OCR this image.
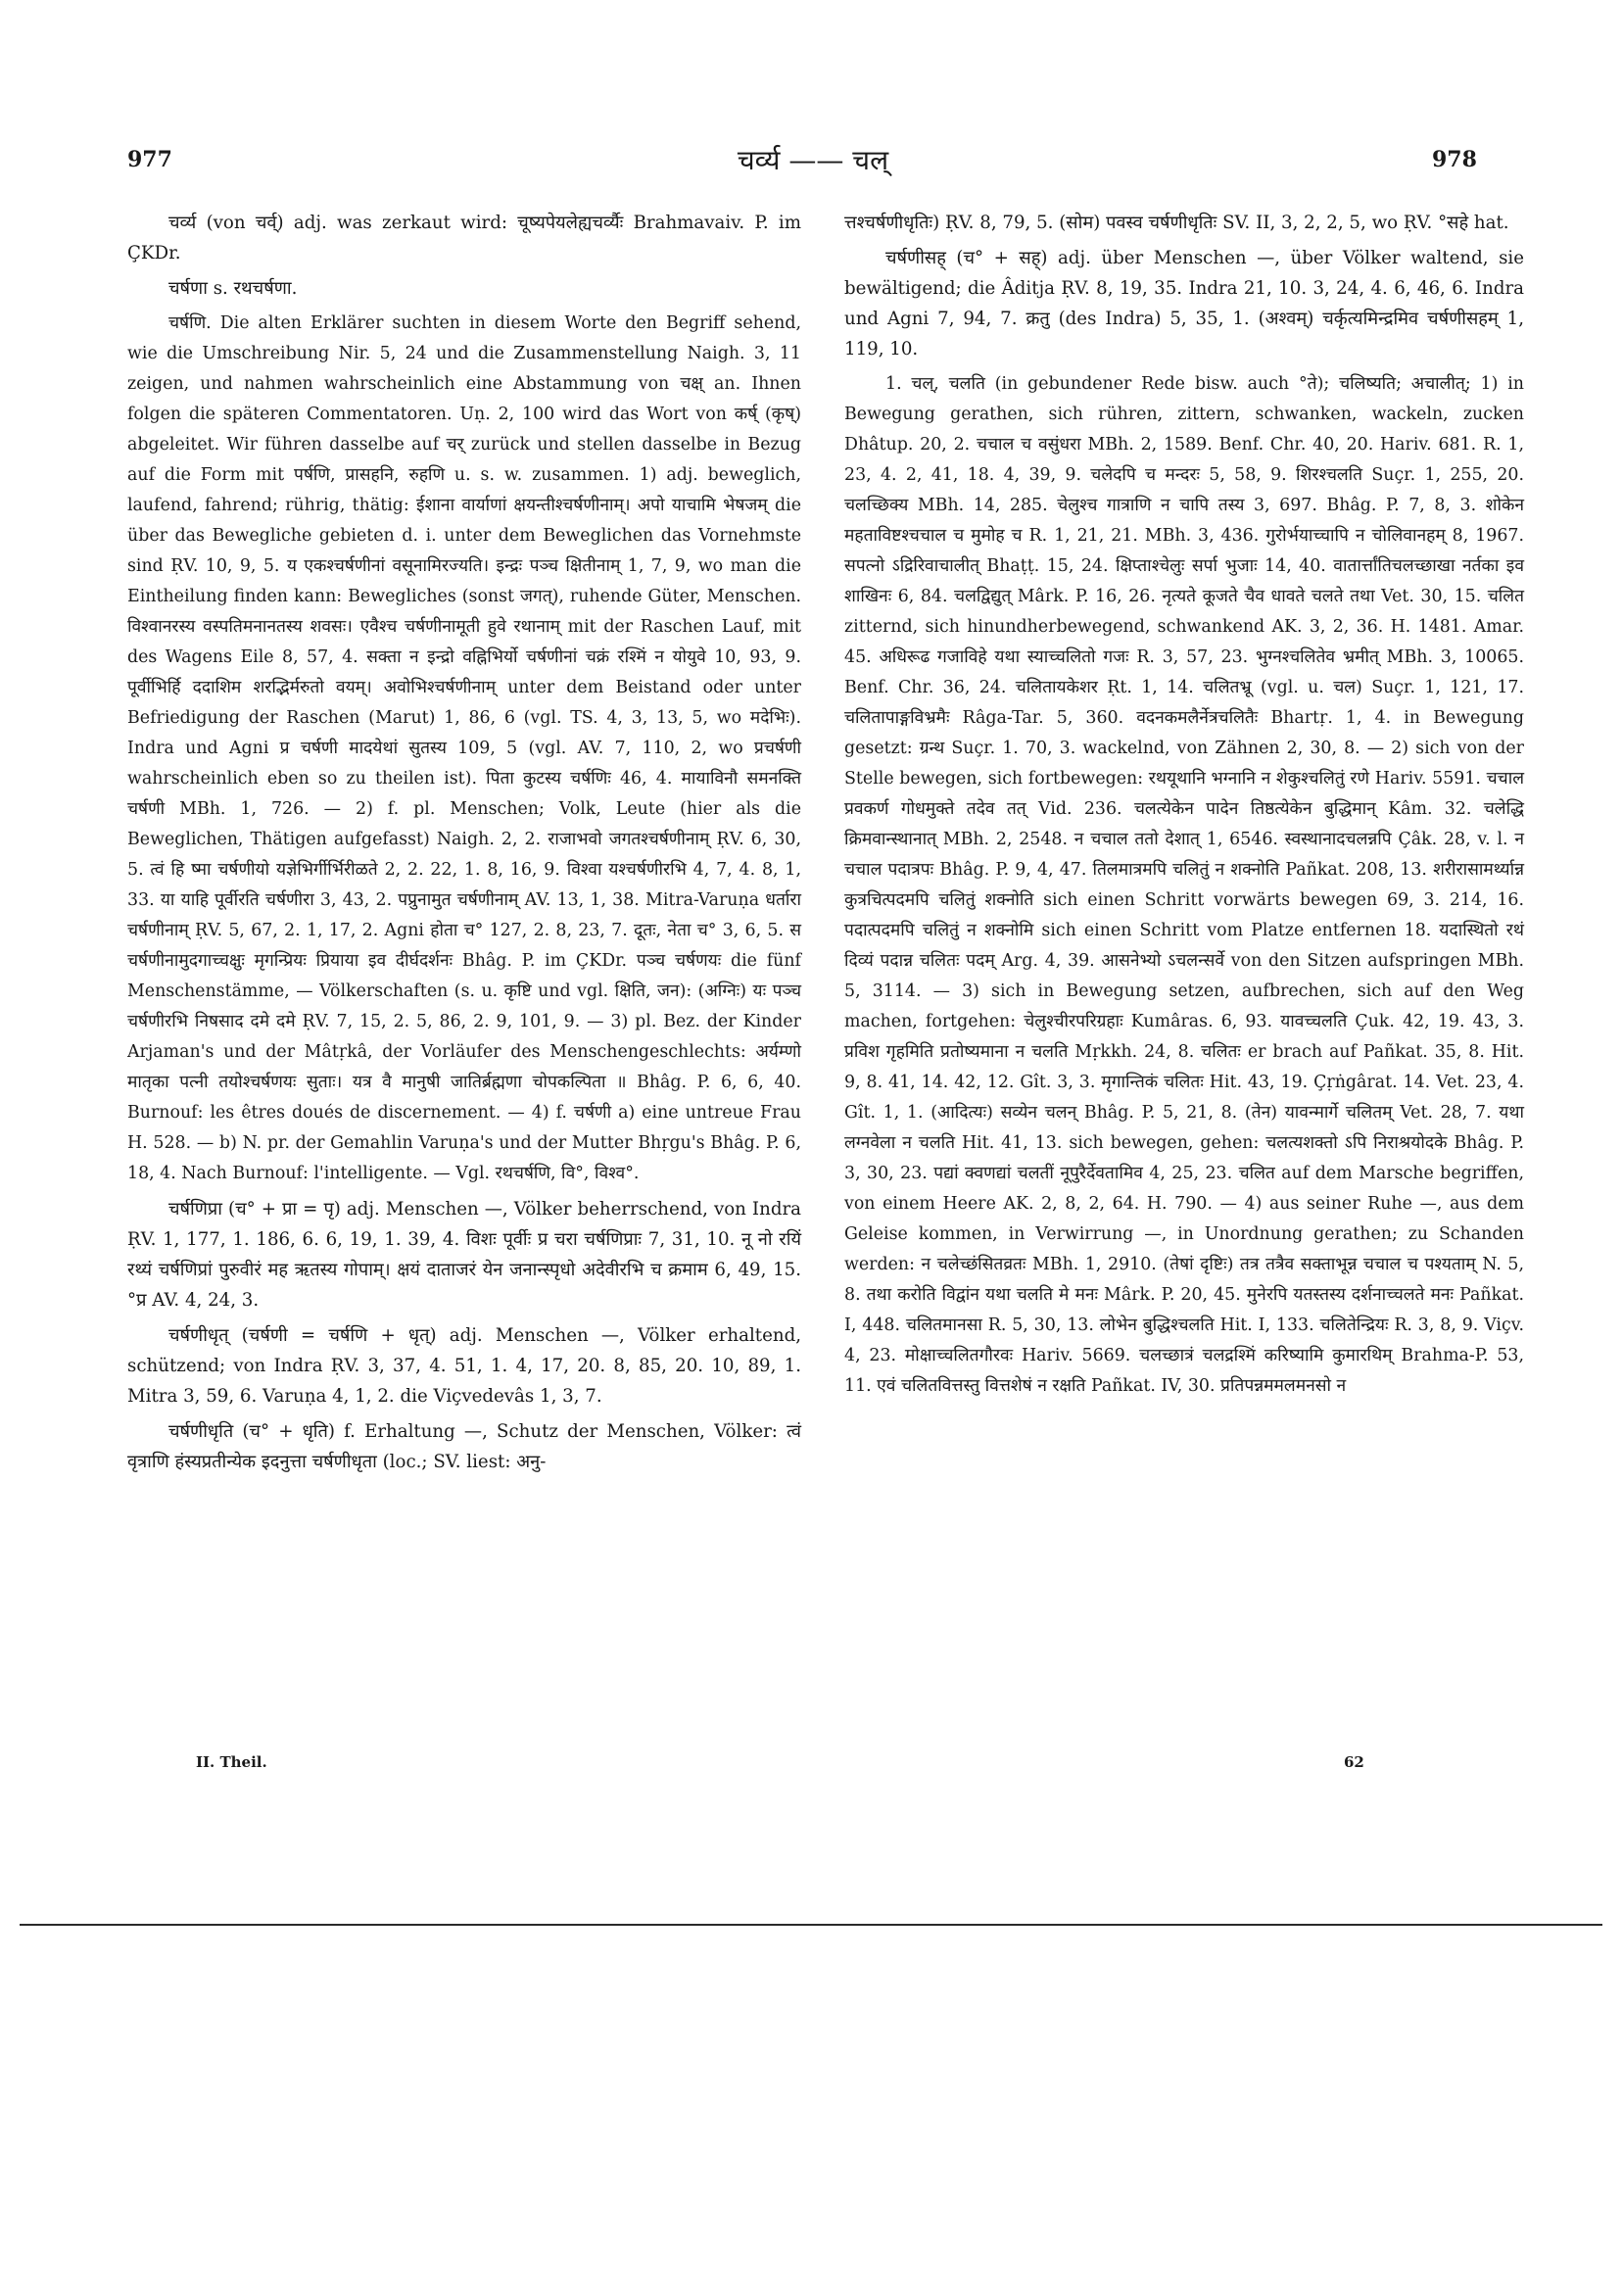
977	चर्व्य —— चल्	978

चर्व्य (von चर्व्) adj. was zerkaut wird: चूष्यपेयलेह्यचर्व्यैः Brahmavaiv. P. im ÇKDr.

चर्षणा s. रथचर्षणा.

चर्षणि. Die alten Erklärer suchten in diesem Worte den Begriff sehend, wie die Umschreibung Nir. 5, 24 und die Zusammenstellung Naigh. 3, 11 zeigen, und nahmen wahrscheinlich eine Abstammung von चक्ष् an. Ihnen folgen die späteren Commentatoren. Uṇ. 2, 100 wird das Wort von कर्ष् (कृष्) abgeleitet. Wir führen dasselbe auf चर् zurück und stellen dasselbe in Bezug auf die Form mit पर्षणि, प्रासहनि, रुहणि u. s. w. zusammen. 1) adj. beweglich, laufend, fahrend; rührig, thätig: ईशाना वार्याणां क्षयन्तीश्चर्षणीनाम्। अपो याचामि भेषजम् die über das Bewegliche gebieten d. i. unter dem Beweglichen das Vornehmste sind ṚV. 10, 9, 5. य एकश्चर्षणीनां वसूनामिरज्यति। इन्द्रः पञ्च क्षितीनाम् 1, 7, 9, wo man die Eintheilung finden kann: Bewegliches (sonst जगत्), ruhende Güter, Menschen. विश्वानरस्य वस्पतिमनानतस्य शवसः। एवैश्च चर्षणीनामूती हुवे रथानाम् mit der Raschen Lauf, mit des Wagens Eile 8, 57, 4. सक्ता न इन्द्रो वह्निभिर्यो चर्षणीनां चक्रं रश्मिं न योयुवे 10, 93, 9. पूर्वीभिर्हि ददाशिम शरद्भिर्मरुतो वयम्। अवोभिश्चर्षणीनाम् unter dem Beistand oder unter Befriedigung der Raschen (Marut) 1, 86, 6 (vgl. TS. 4, 3, 13, 5, wo मदेभिः). Indra und Agni प्र चर्षणी मादयेथां सुतस्य 109, 5 (vgl. AV. 7, 110, 2, wo प्रचर्षणी wahrscheinlich eben so zu theilen ist). पिता कुटस्य चर्षणिः 46, 4. मायाविनौ समनक्ति चर्षणी MBh. 1, 726. — 2) f. pl. Menschen; Volk, Leute (hier als die Beweglichen, Thätigen aufgefasst) Naigh. 2, 2. राजाभवो जगतश्चर्षणीनाम् ṚV. 6, 30, 5. त्वं हि ष्मा चर्षणीयो यज्ञेभिर्गीर्भिरीळते 2, 2. 22, 1. 8, 16, 9. विश्वा यश्चर्षणीरभि 4, 7, 4. 8, 1, 33. या याहि पूर्वीरति चर्षणीरा 3, 43, 2. पप्रुनामुत चर्षणीनाम् AV. 13, 1, 38. Mitra-Varuṇa धर्तारा चर्षणीनाम् ṚV. 5, 67, 2. 1, 17, 2. Agni होता च° 127, 2. 8, 23, 7. दूतः, नेता च° 3, 6, 5. स चर्षणीनामुदगाच्चक्षुः मृगन्प्रियः प्रियाया इव दीर्घदर्शनः Bhâg. P. im ÇKDr. पञ्च चर्षणयः die fünf Menschenstämme, — Völkerschaften (s. u. कृष्टि und vgl. क्षिति, जन): (अग्निः) यः पञ्च चर्षणीरभि निषसाद दमे दमे ṚV. 7, 15, 2. 5, 86, 2. 9, 101, 9. — 3) pl. Bez. der Kinder Arjaman's und der Mâtṛkâ, der Vorläufer des Menschengeschlechts: अर्यम्णो मातृका पत्नी तयोश्चर्षणयः सुताः। यत्र वै मानुषी जातिर्ब्रह्मणा चोपकल्पिता ॥ Bhâg. P. 6, 6, 40. Burnouf: les êtres doués de discernement. — 4) f. चर्षणी a) eine untreue Frau H. 528. — b) N. pr. der Gemahlin Varuṇa's und der Mutter Bhṛgu's Bhâg. P. 6, 18, 4. Nach Burnouf: l'intelligente. — Vgl. रथचर्षणि, वि°, विश्व°.

चर्षणिप्रा (च° + प्रा = पृ) adj. Menschen —, Völker beherrschend, von Indra ṚV. 1, 177, 1. 186, 6. 6, 19, 1. 39, 4. विशः पूर्वीः प्र चरा चर्षणिप्राः 7, 31, 10. नू नो रयिं रथ्यं चर्षणिप्रां पुरुवीरं मह ऋतस्य गोपाम्। क्षयं दाताजरं येन जनान्स्पृधो अदेवीरभि च क्रमाम 6, 49, 15. °प्र AV. 4, 24, 3.

चर्षणीधृत् (चर्षणी = चर्षणि + धृत्) adj. Menschen —, Völker erhaltend, schützend; von Indra ṚV. 3, 37, 4. 51, 1. 4, 17, 20. 8, 85, 20. 10, 89, 1. Mitra 3, 59, 6. Varuṇa 4, 1, 2. die Viçvedevâs 1, 3, 7.

चर्षणीधृति (च° + धृति) f. Erhaltung —, Schutz der Menschen, Völker: त्वं वृत्राणि हंस्यप्रतीन्येक इदनुत्ता चर्षणीधृता (loc.; SV. liest: अनु-

त्तश्चर्षणीधृतिः) ṚV. 8, 79, 5. (सोम) पवस्व चर्षणीधृतिः SV. II, 3, 2, 2, 5, wo ṚV. °सहे hat.

चर्षणीसह् (च° + सह्) adj. über Menschen —, über Völker waltend, sie bewältigend; die Âditja ṚV. 8, 19, 35. Indra 21, 10. 3, 24, 4. 6, 46, 6. Indra und Agni 7, 94, 7. क्रतु (des Indra) 5, 35, 1. (अश्वम्) चर्कृत्यमिन्द्रमिव चर्षणीसहम् 1, 119, 10.

1. चल्, चलति (in gebundener Rede bisw. auch °ते); चलिष्यति; अचालीत्; 1) in Bewegung gerathen, sich rühren, zittern, schwanken, wackeln, zucken Dhâtup. 20, 2. चचाल च वसुंधरा MBh. 2, 1589. Benf. Chr. 40, 20. Hariv. 681. R. 1, 23, 4. 2, 41, 18. 4, 39, 9. चलेदपि च मन्दरः 5, 58, 9. शिरश्चलति Suçr. 1, 255, 20. चलच्छिक्य MBh. 14, 285. चेलुश्च गात्राणि न चापि तस्य 3, 697. Bhâg. P. 7, 8, 3. शोकेन महताविष्टश्चचाल च मुमोह च R. 1, 21, 21. MBh. 3, 436. गुरोर्भयाच्चापि न चोलिवानहम् 8, 1967. सपत्नो ऽद्रिरिवाचालीत् Bhaṭṭ. 15, 24. क्षिप्ताश्चेलुः सर्पा भुजाः 14, 40. वातार्त्तांतिचलच्छाखा नर्तका इव शाखिनः 6, 84. चलद्विद्युत् Mârk. P. 16, 26. नृत्यते कूजते चैव धावते चलते तथा Vet. 30, 15. चलित zitternd, sich hinundherbewegend, schwankend AK. 3, 2, 36. H. 1481. Amar. 45. अधिरूढ गजाविहे यथा स्याच्चलितो गजः R. 3, 57, 23. भुग्नश्चलितेव भ्रमीत् MBh. 3, 10065. Benf. Chr. 36, 24. चलितायकेशर Ṛt. 1, 14. चलितभ्रू (vgl. u. चल) Suçr. 1, 121, 17. चलितापाङ्गविभ्रमैः Râga-Tar. 5, 360. वदनकमलैर्नेत्रचलितैः Bhartṛ. 1, 4. in Bewegung gesetzt: ग्रन्थ Suçr. 1. 70, 3. wackelnd, von Zähnen 2, 30, 8. — 2) sich von der Stelle bewegen, sich fortbewegen: रथयूथानि भग्नानि न शेकुश्चलितुं रणे Hariv. 5591. चचाल प्रवकर्ण गोधमुक्ते तदेव तत् Vid. 236. चलत्येकेन पादेन तिष्ठत्येकेन बुद्धिमान् Kâm. 32. चलेद्धि क्रिमवान्स्थानात् MBh. 2, 2548. न चचाल ततो देशात् 1, 6546. स्वस्थानादचलन्नपि Çâk. 28, v. l. न चचाल पदात्रपः Bhâg. P. 9, 4, 47. तिलमात्रमपि चलितुं न शक्नोति Pañkat. 208, 13. शरीरासामर्थ्यान्न कुत्रचित्पदमपि चलितुं शक्नोति sich einen Schritt vorwärts bewegen 69, 3. 214, 16. पदात्पदमपि चलितुं न शक्नोमि sich einen Schritt vom Platze entfernen 18. यदास्थितो रथं दिव्यं पदान्न चलितः पदम् Arg. 4, 39. आसनेभ्यो ऽचलन्सर्वे von den Sitzen aufspringen MBh. 5, 3114. — 3) sich in Bewegung setzen, aufbrechen, sich auf den Weg machen, fortgehen: चेलुश्चीरपरिग्रहाः Kumâras. 6, 93. यावच्चलति Çuk. 42, 19. 43, 3. प्रविश गृहमिति प्रतोष्यमाना न चलति Mṛkkh. 24, 8. चलितः er brach auf Pañkat. 35, 8. Hit. 9, 8. 41, 14. 42, 12. Gît. 3, 3. मृगान्तिकं चलितः Hit. 43, 19. Çṛṅgârat. 14. Vet. 23, 4. Gît. 1, 1. (आदित्यः) सव्येन चलन् Bhâg. P. 5, 21, 8. (तेन) यावन्मार्गे चलितम् Vet. 28, 7. यथा लग्नवेला न चलति Hit. 41, 13. sich bewegen, gehen: चलत्यशक्तो ऽपि निराश्रयोदके Bhâg. P. 3, 30, 23. पद्यां क्वणद्यां चलतीं नूपुरैर्देवतामिव 4, 25, 23. चलित auf dem Marsche begriffen, von einem Heere AK. 2, 8, 2, 64. H. 790. — 4) aus seiner Ruhe —, aus dem Geleise kommen, in Verwirrung —, in Unordnung gerathen; zu Schanden werden: न चलेच्छंसितव्रतः MBh. 1, 2910. (तेषां दृष्टिः) तत्र तत्रैव सक्ताभून्न चचाल च पश्यताम् N. 5, 8. तथा करोति विद्वांन यथा चलति मे मनः Mârk. P. 20, 45. मुनेरपि यतस्तस्य दर्शनाच्चलते मनः Pañkat. I, 448. चलितमानसा R. 5, 30, 13. लोभेन बुद्धिश्चलति Hit. I, 133. चलितेन्द्रियः R. 3, 8, 9. Viçv. 4, 23. मोक्षाच्चलितगौरवः Hariv. 5669. चलच्छात्रं चलद्रश्मिं करिष्यामि कुमारथिम् Brahma-P. 53, 11. एवं चलितवित्तस्तु वित्तशेषं न रक्षति Pañkat. IV, 30. प्रतिपन्नममलमनसो न

II. Theil.	62
